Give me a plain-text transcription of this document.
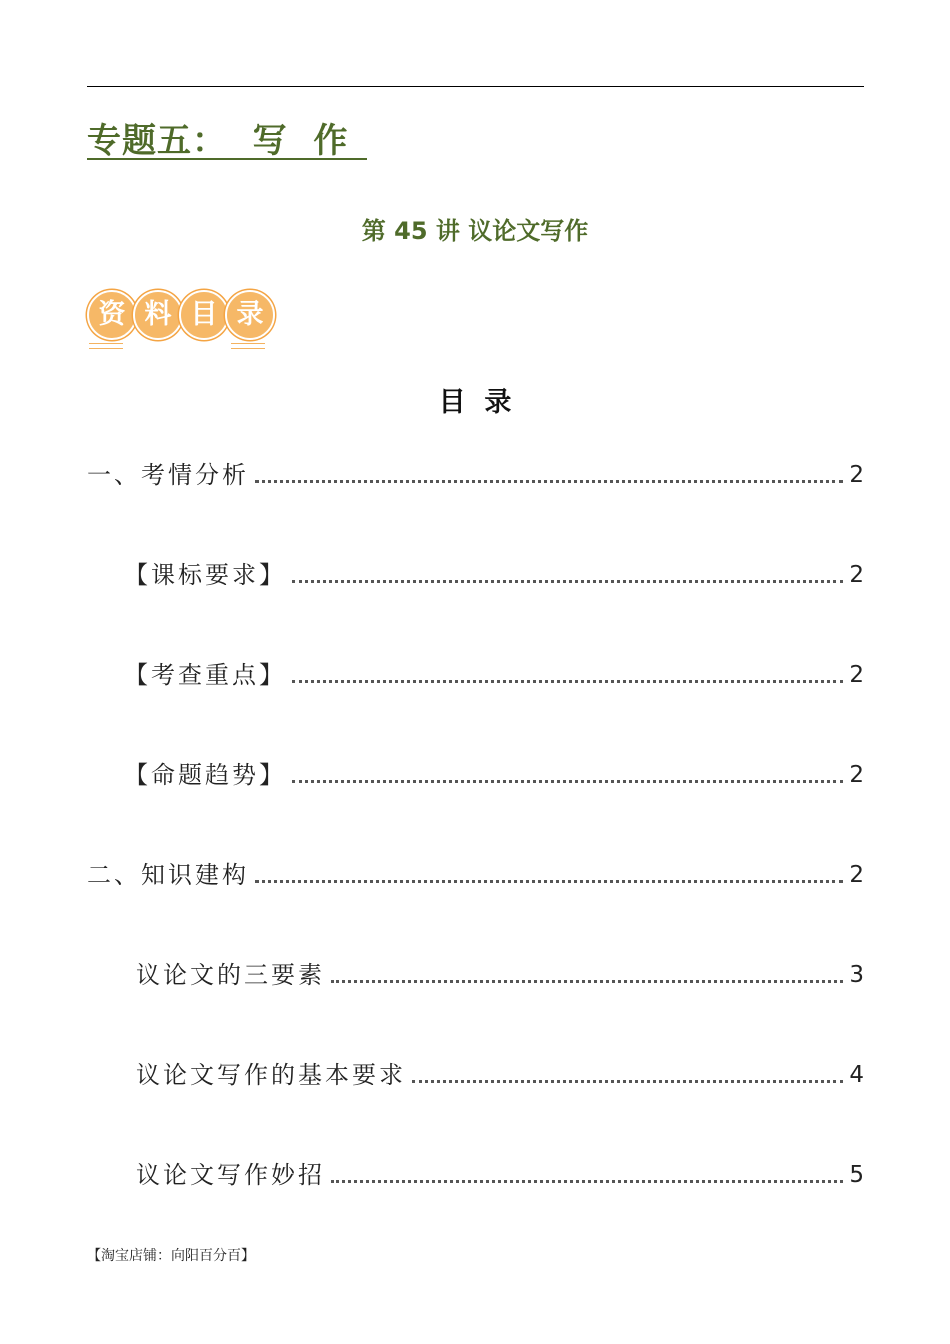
专题五：  写  作
第 45 讲 议论文写作
资 料 目 录
目  录
一、考情分析	2
【课标要求】	2
【考查重点】	2
【命题趋势】	2
二、知识建构	2
议论文的三要素	3
议论文写作的基本要求	4
议论文写作妙招	5
【淘宝店铺：向阳百分百】
